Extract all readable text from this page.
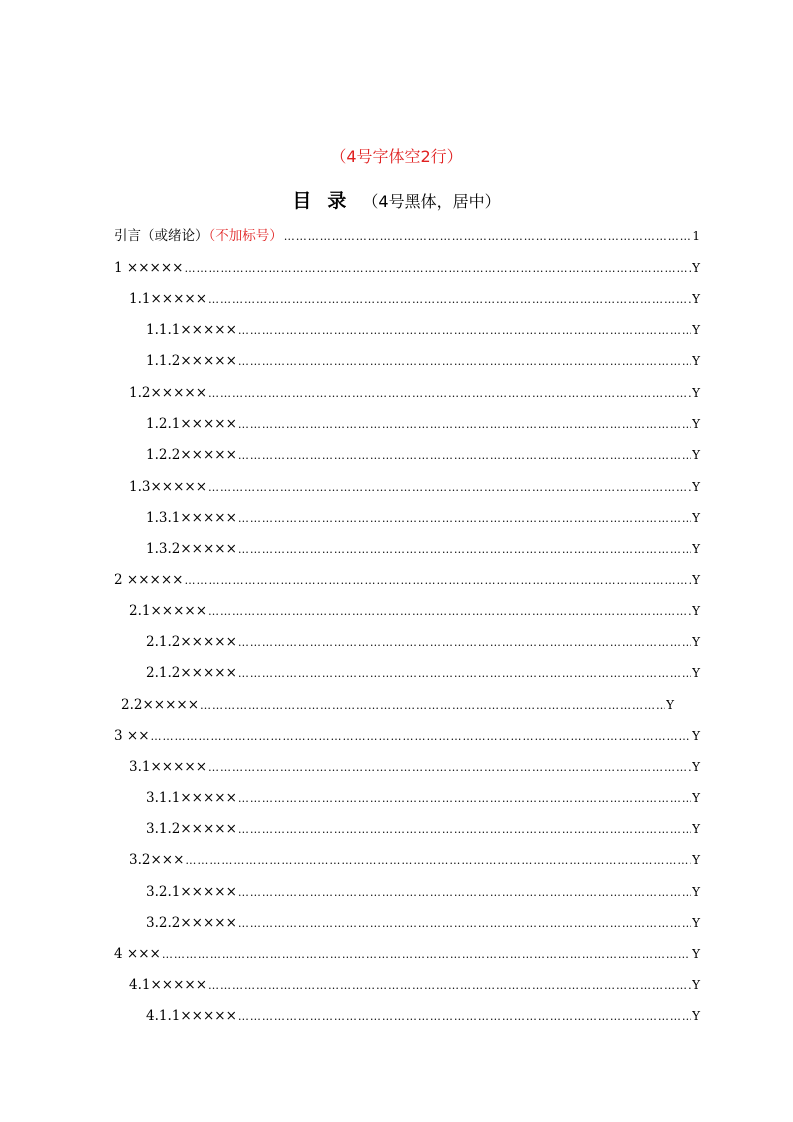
（4号字体空2行）
目录（4号黑体，居中）
引言（或绪论）（不加标号） …………………………………………………………………………………………………………………………………………………………………………………	1
1 ××××× …………………………………………………………………………………………………………………………………………………………………………………	Y
1.1××××× …………………………………………………………………………………………………………………………………………………………………………………	Y
1.1.1××××× …………………………………………………………………………………………………………………………………………………………………………………	Y
1.1.2××××× …………………………………………………………………………………………………………………………………………………………………………………	Y
1.2××××× …………………………………………………………………………………………………………………………………………………………………………………	Y
1.2.1××××× …………………………………………………………………………………………………………………………………………………………………………………	Y
1.2.2××××× …………………………………………………………………………………………………………………………………………………………………………………	Y
1.3××××× …………………………………………………………………………………………………………………………………………………………………………………	Y
1.3.1××××× …………………………………………………………………………………………………………………………………………………………………………………	Y
1.3.2××××× …………………………………………………………………………………………………………………………………………………………………………………	Y
2 ××××× …………………………………………………………………………………………………………………………………………………………………………………	Y
2.1××××× …………………………………………………………………………………………………………………………………………………………………………………	Y
2.1.2××××× …………………………………………………………………………………………………………………………………………………………………………………	Y
2.1.2××××× …………………………………………………………………………………………………………………………………………………………………………………	Y
2.2××××× …………………………………………………………………………………………………………………………………………………………………………………	Y
3 ×× …………………………………………………………………………………………………………………………………………………………………………………	Y
3.1××××× …………………………………………………………………………………………………………………………………………………………………………………	Y
3.1.1××××× …………………………………………………………………………………………………………………………………………………………………………………	Y
3.1.2××××× …………………………………………………………………………………………………………………………………………………………………………………	Y
3.2××× …………………………………………………………………………………………………………………………………………………………………………………	Y
3.2.1××××× …………………………………………………………………………………………………………………………………………………………………………………	Y
3.2.2××××× …………………………………………………………………………………………………………………………………………………………………………………	Y
4 ××× …………………………………………………………………………………………………………………………………………………………………………………	Y
4.1××××× …………………………………………………………………………………………………………………………………………………………………………………	Y
4.1.1××××× …………………………………………………………………………………………………………………………………………………………………………………	Y
